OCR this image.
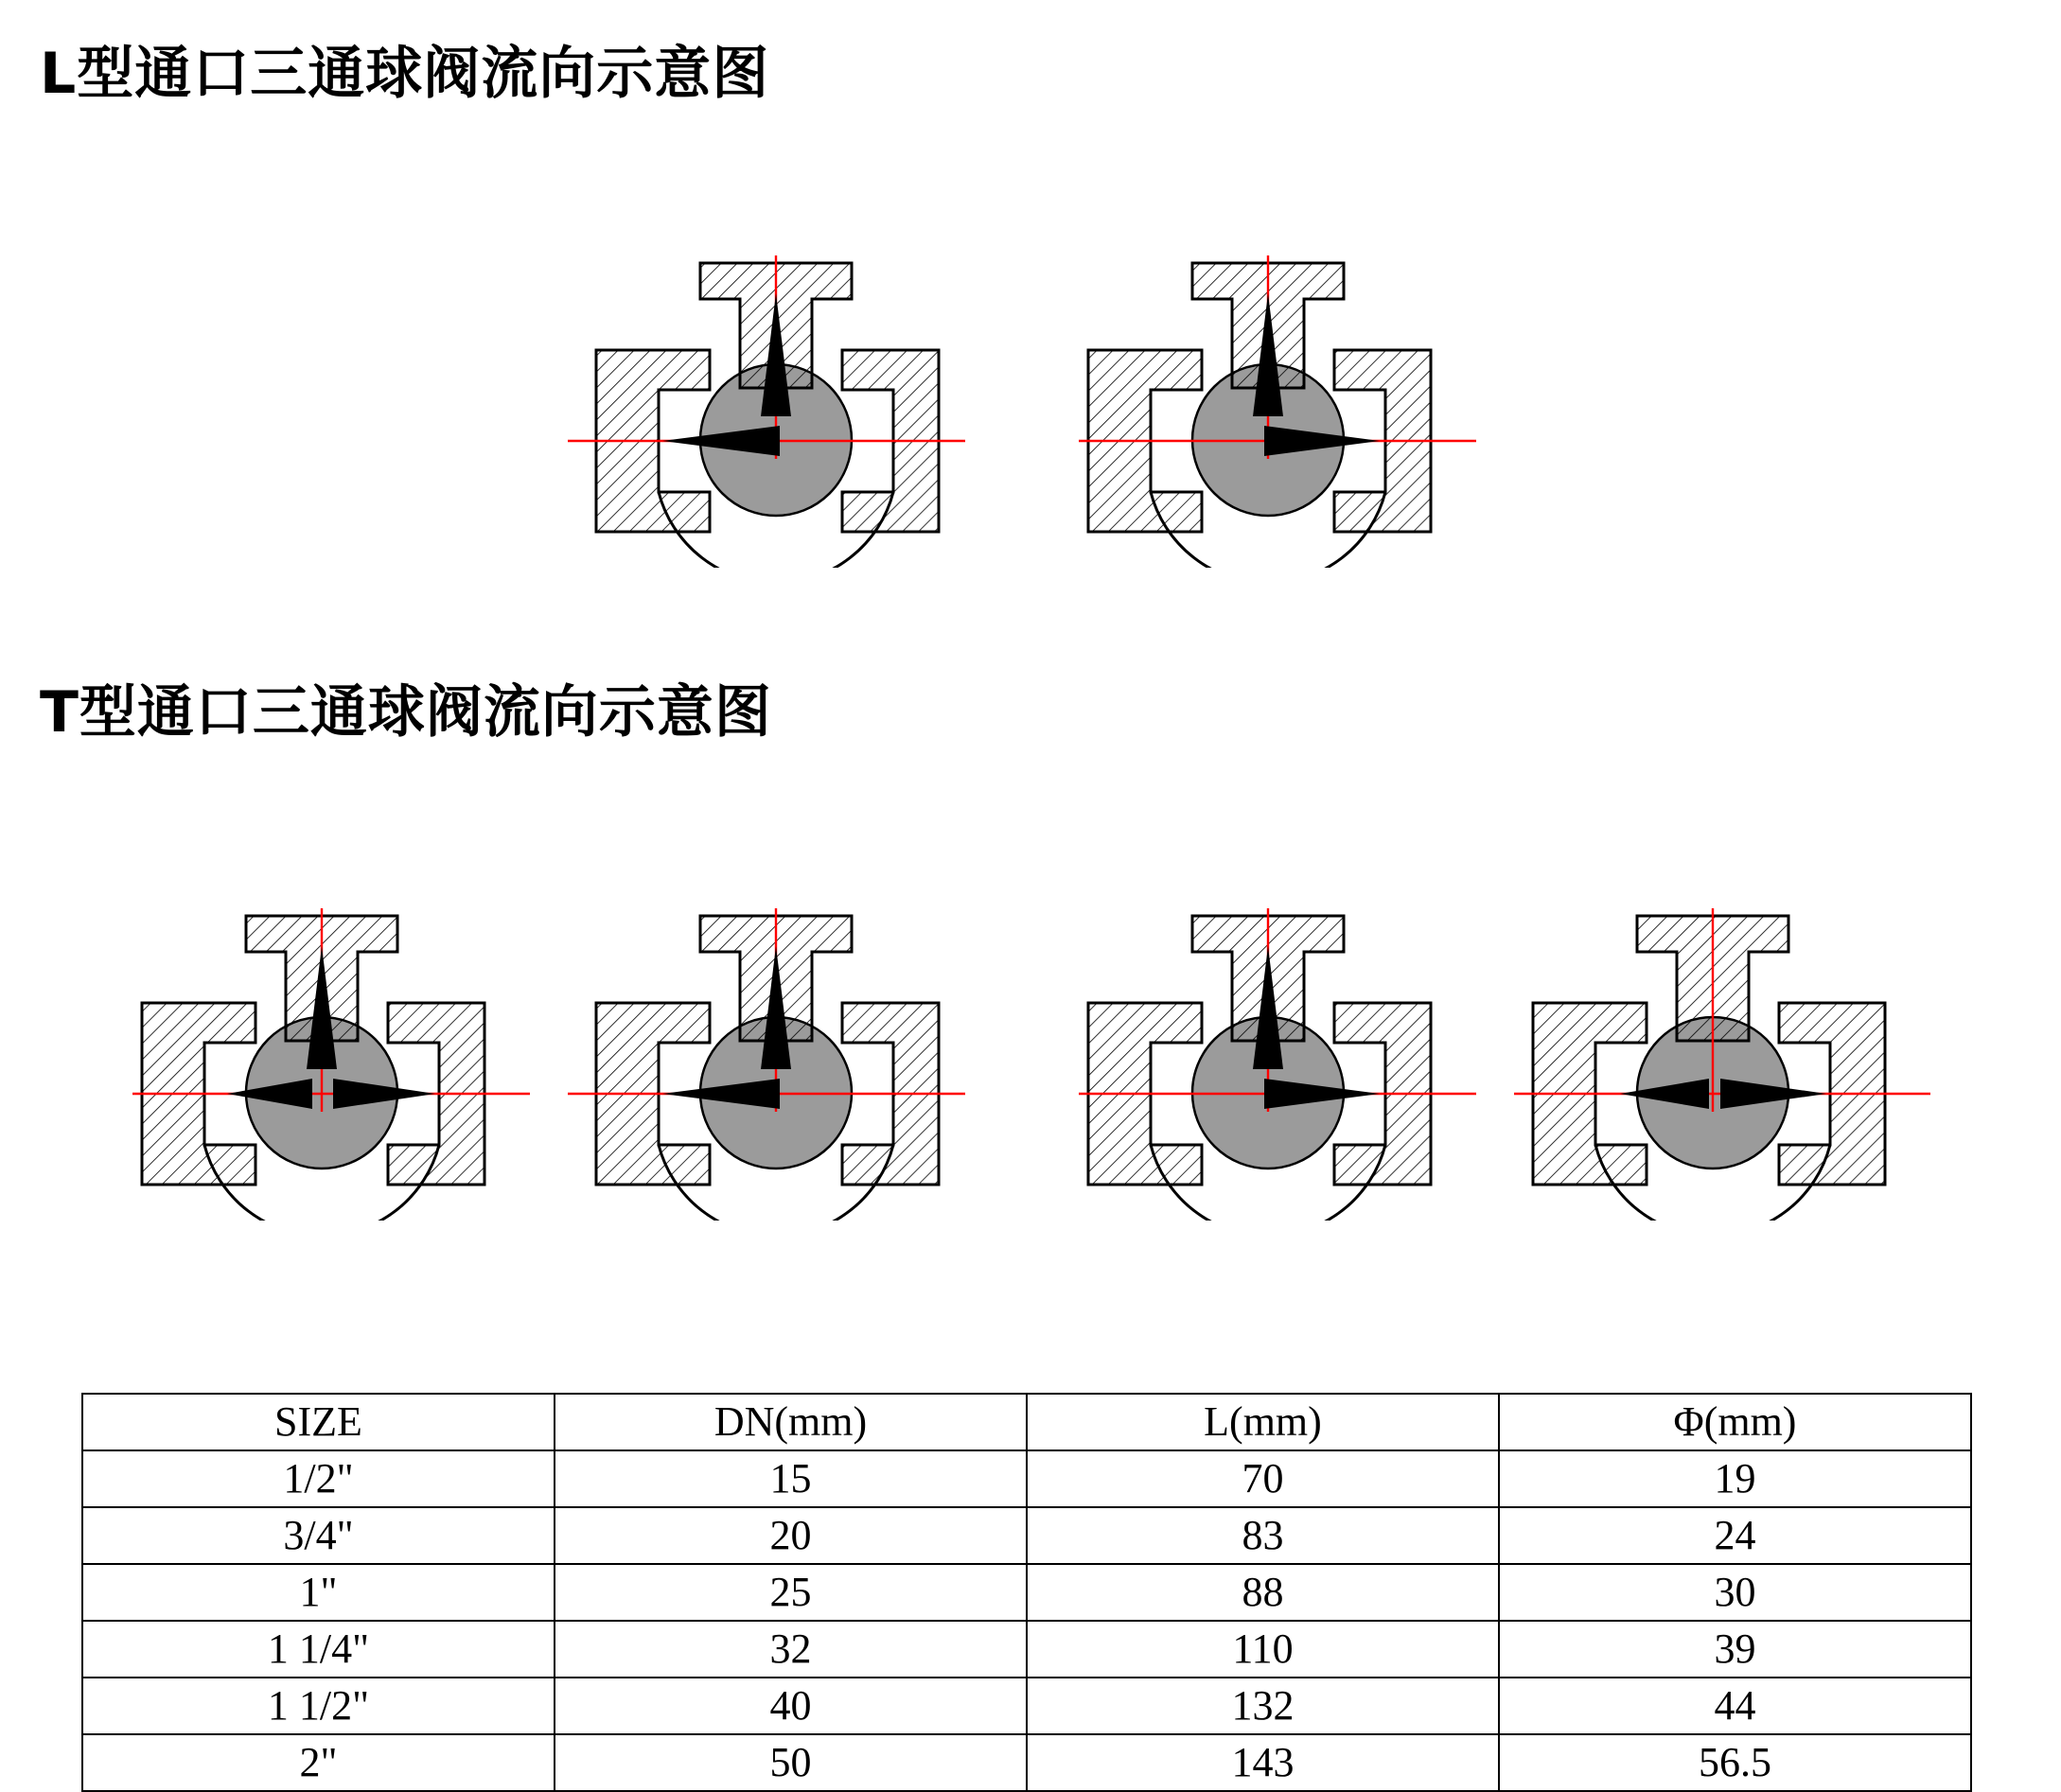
L型通口三通球阀流向示意图
T型通口三通球阀流向示意图
SIZE	DN(mm)	L(mm)	Φ(mm)
1/2"	15	70	19
3/4"	20	83	24
1"	25	88	30
1 1/4"	32	110	39
1 1/2"	40	132	44
2"	50	143	56.5
